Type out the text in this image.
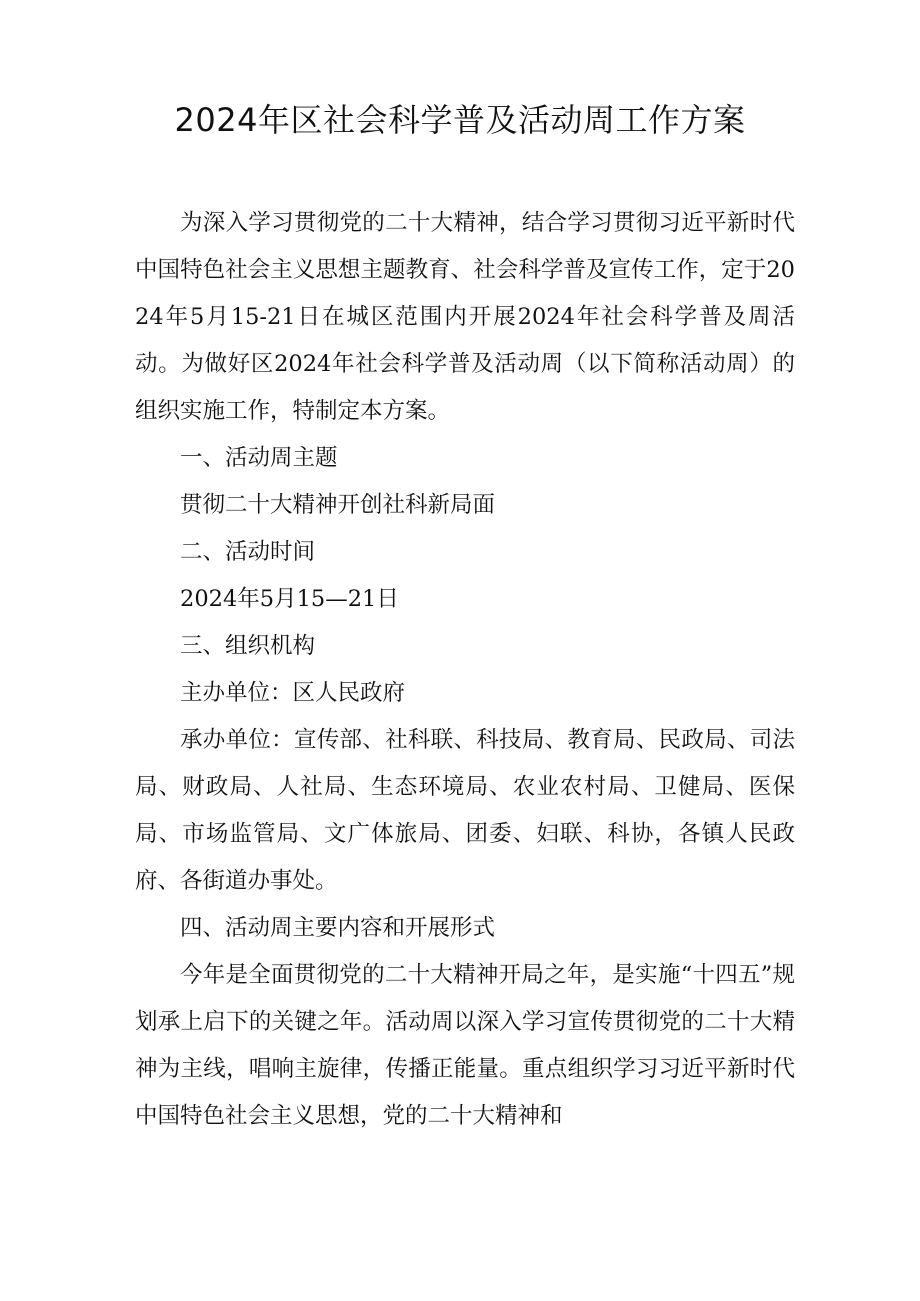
2024年区社会科学普及活动周工作方案

为深入学习贯彻党的二十大精神，结合学习贯彻习近平新时代中国特色社会主义思想主题教育、社会科学普及宣传工作，定于2024年5月15-21日在城区范围内开展2024年社会科学普及周活动。为做好区2024年社会科学普及活动周（以下简称活动周）的组织实施工作，特制定本方案。

一、活动周主题

贯彻二十大精神开创社科新局面

二、活动时间

2024年5月15—21日

三、组织机构

主办单位：区人民政府

承办单位：宣传部、社科联、科技局、教育局、民政局、司法局、财政局、人社局、生态环境局、农业农村局、卫健局、医保局、市场监管局、文广体旅局、团委、妇联、科协，各镇人民政府、各街道办事处。

四、活动周主要内容和开展形式

今年是全面贯彻党的二十大精神开局之年，是实施“十四五”规划承上启下的关键之年。活动周以深入学习宣传贯彻党的二十大精神为主线，唱响主旋律，传播正能量。重点组织学习习近平新时代中国特色社会主义思想，党的二十大精神和
